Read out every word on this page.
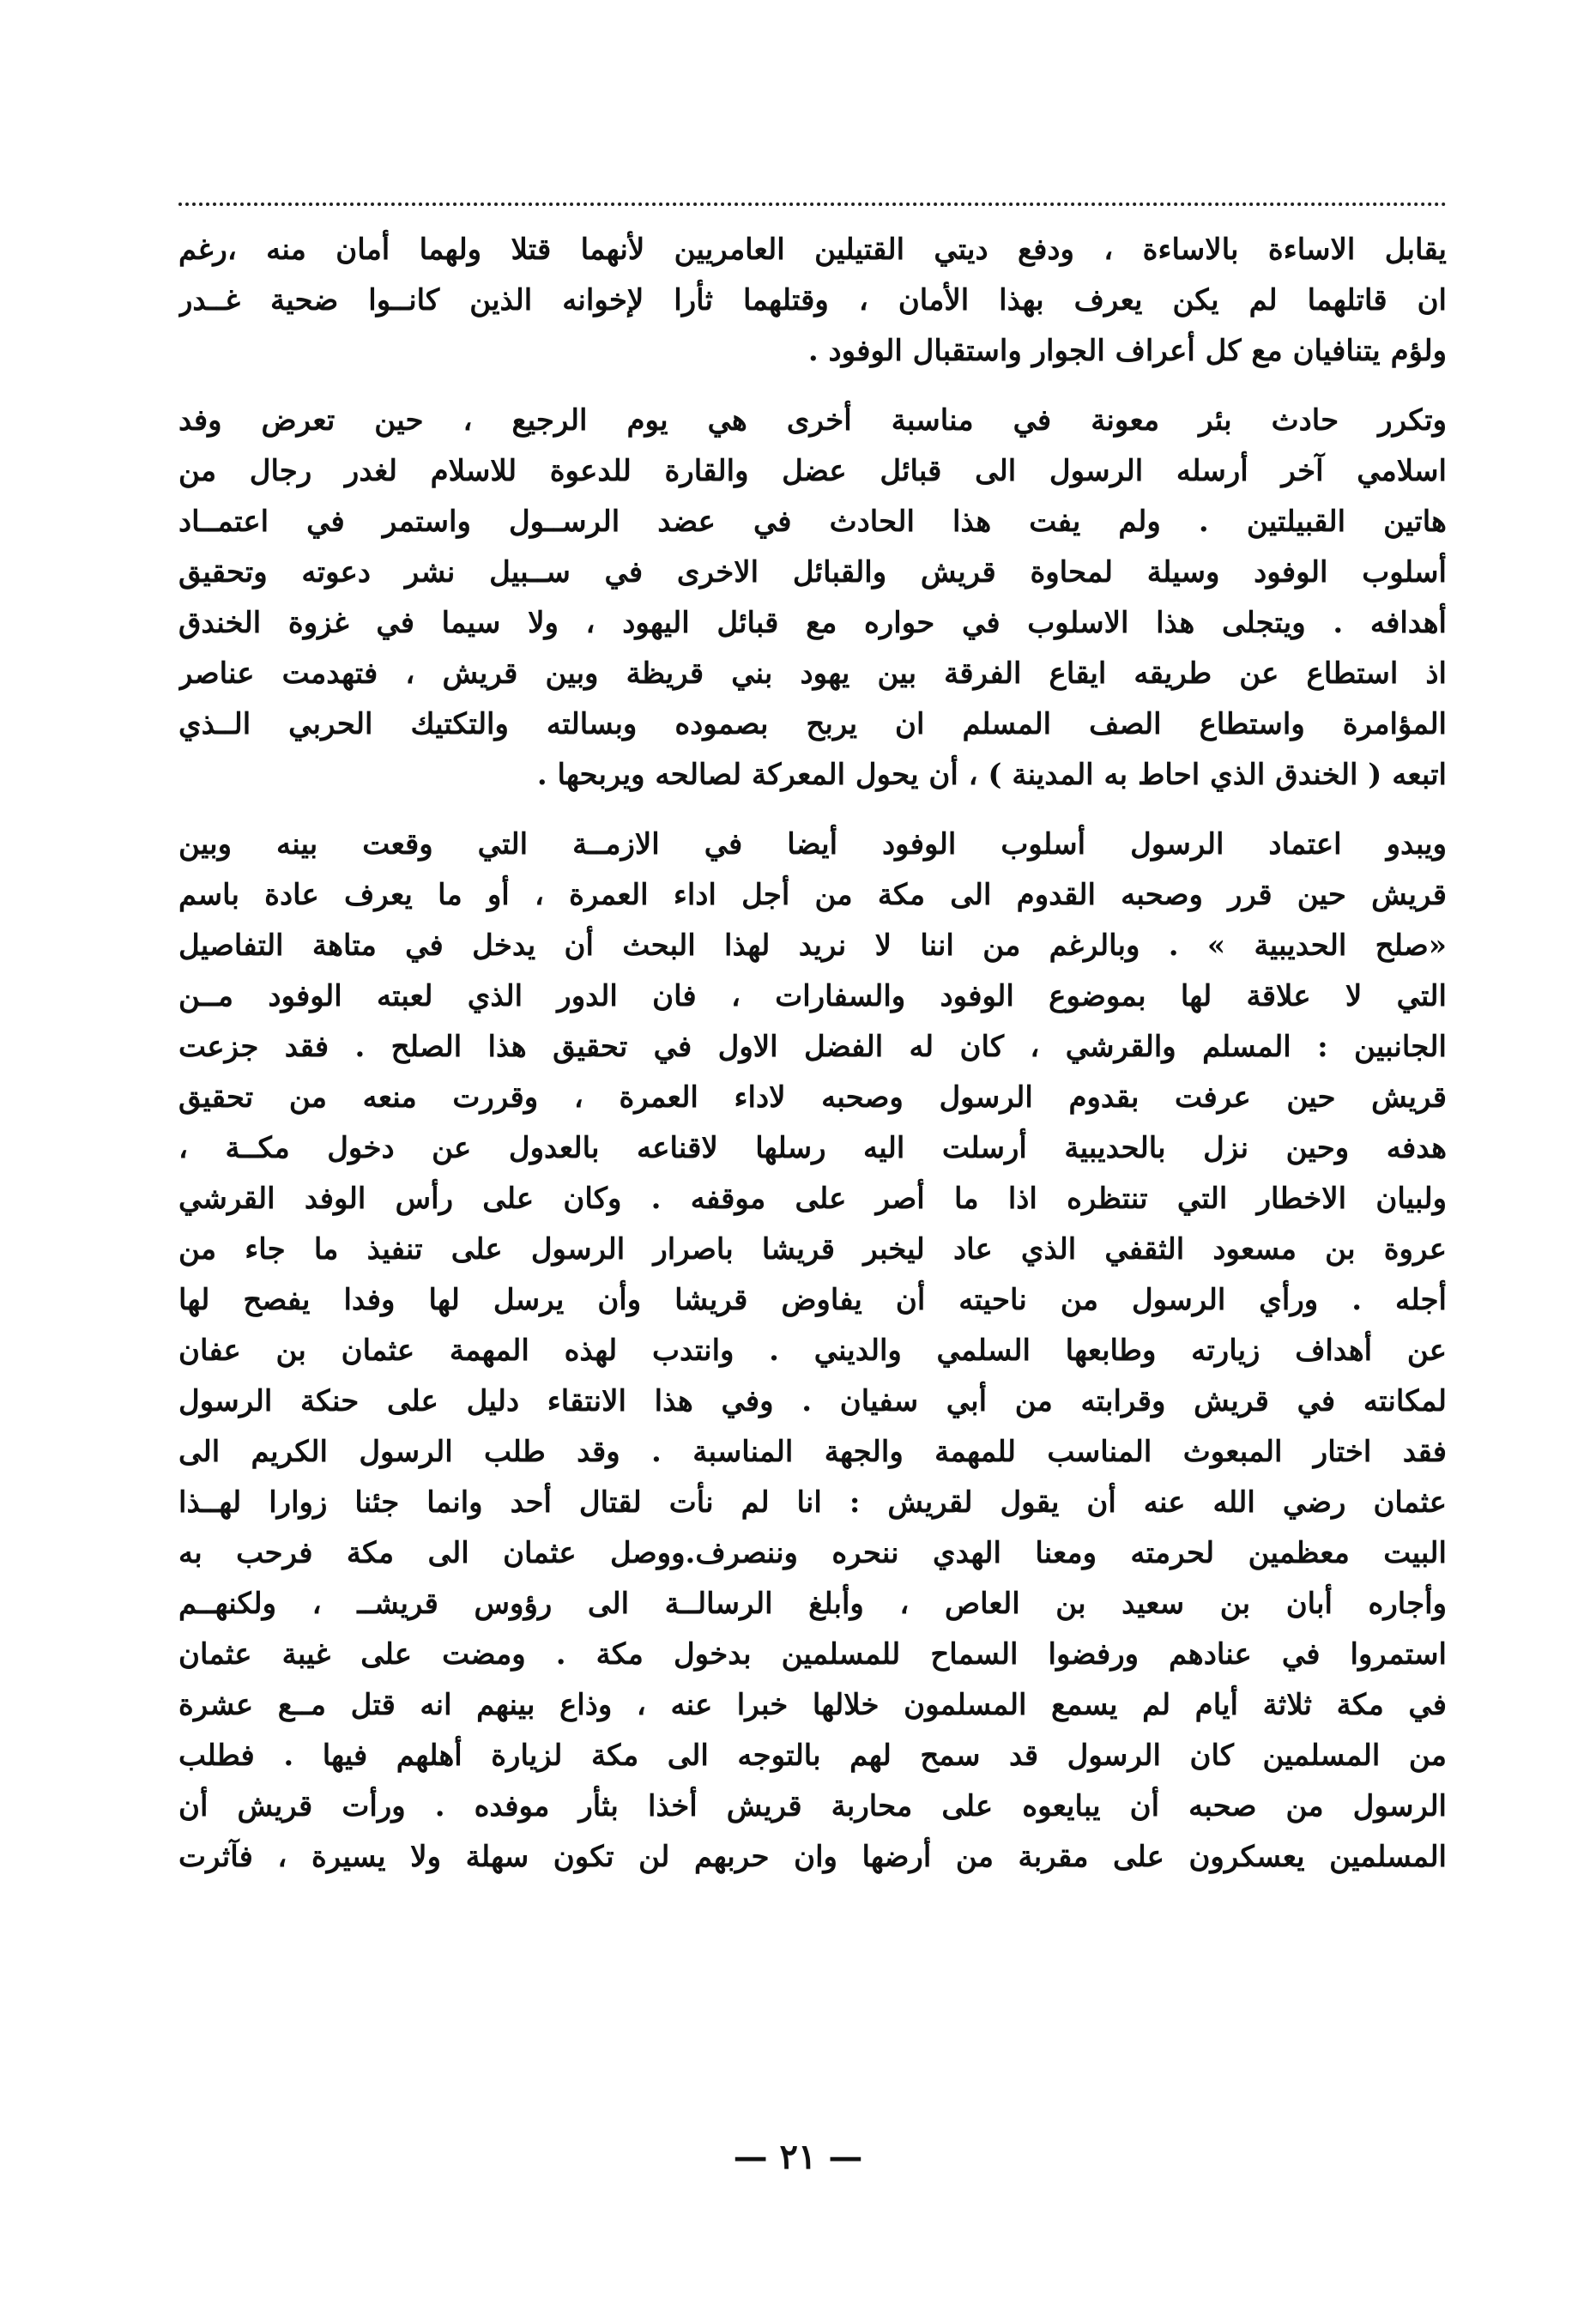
يقابل الاساءة بالاساءة ، ودفع ديتي القتيلين العامريين لأنهما قتلا ولهما أمان منه ،رغم
ان قاتلهما لم يكن يعرف بهذا الأمان ، وقتلهما ثأرا لإخوانه الذين كانــوا ضحية غــدر
ولؤم يتنافيان مع كل أعراف الجوار واستقبال الوفود .
وتكرر حادث بئر معونة في مناسبة أخرى هي يوم الرجيع ، حين تعرض وفد
اسلامي آخر أرسله الرسول الى قبائل عضل والقارة للدعوة للاسلام لغدر رجال من
هاتين القبيلتين . ولم يفت هذا الحادث في عضد الرســول واستمر في اعتمــاد
أسلوب الوفود وسيلة لمحاوة قريش والقبائل الاخرى في ســبيل نشر دعوته وتحقيق
أهدافه . ويتجلى هذا الاسلوب في حواره مع قبائل اليهود ، ولا سيما في غزوة الخندق
اذ استطاع عن طريقه ايقاع الفرقة بين يهود بني قريظة وبين قريش ، فتهدمت عناصر
المؤامرة واستطاع الصف المسلم ان يربح بصموده وبسالته والتكتيك الحربي الــذي
اتبعه ( الخندق الذي احاط به المدينة ) ، أن يحول المعركة لصالحه ويربحها .
ويبدو اعتماد الرسول أسلوب الوفود أيضا في الازمــة التي وقعت بينه وبين
قريش حين قرر وصحبه القدوم الى مكة من أجل اداء العمرة ، أو ما يعرف عادة باسم
«صلح الحديبية » . وبالرغم من اننا لا نريد لهذا البحث أن يدخل في متاهة التفاصيل
التي لا علاقة لها بموضوع الوفود والسفارات ، فان الدور الذي لعبته الوفود مــن
الجانبين : المسلم والقرشي ، كان له الفضل الاول في تحقيق هذا الصلح . فقد جزعت
قريش حين عرفت بقدوم الرسول وصحبه لاداء العمرة ، وقررت منعه من تحقيق
هدفه وحين نزل بالحديبية أرسلت اليه رسلها لاقناعه بالعدول عن دخول مكــة ،
ولبيان الاخطار التي تنتظره اذا ما أصر على موقفه . وكان على رأس الوفد القرشي
عروة بن مسعود الثقفي الذي عاد ليخبر قريشا باصرار الرسول على تنفيذ ما جاء من
أجله . ورأي الرسول من ناحيته أن يفاوض قريشا وأن يرسل لها وفدا يفصح لها
عن أهداف زيارته وطابعها السلمي والديني . وانتدب لهذه المهمة عثمان بن عفان
لمكانته في قريش وقرابته من أبي سفيان . وفي هذا الانتقاء دليل على حنكة الرسول
فقد اختار المبعوث المناسب للمهمة والجهة المناسبة . وقد طلب الرسول الكريم الى
عثمان رضي الله عنه أن يقول لقريش : انا لم نأت لقتال أحد وانما جئنا زوارا لهــذا
البيت معظمين لحرمته ومعنا الهدي ننحره وننصرف.ووصل عثمان الى مكة فرحب به
وأجاره أبان بن سعيد بن العاص ، وأبلغ الرسالــة الى رؤوس قريشــ ، ولكنهــم
استمروا في عنادهم ورفضوا السماح للمسلمين بدخول مكة . ومضت على غيبة عثمان
في مكة ثلاثة أيام لم يسمع المسلمون خلالها خبرا عنه ، وذاع بينهم انه قتل مــع عشرة
من المسلمين كان الرسول قد سمح لهم بالتوجه الى مكة لزيارة أهلهم فيها . فطلب
الرسول من صحبه أن يبايعوه على محاربة قريش أخذا بثأر موفده . ورأت قريش أن
المسلمين يعسكرون على مقربة من أرضها وان حربهم لن تكون سهلة ولا يسيرة ، فآثرت
— ٢١ —
